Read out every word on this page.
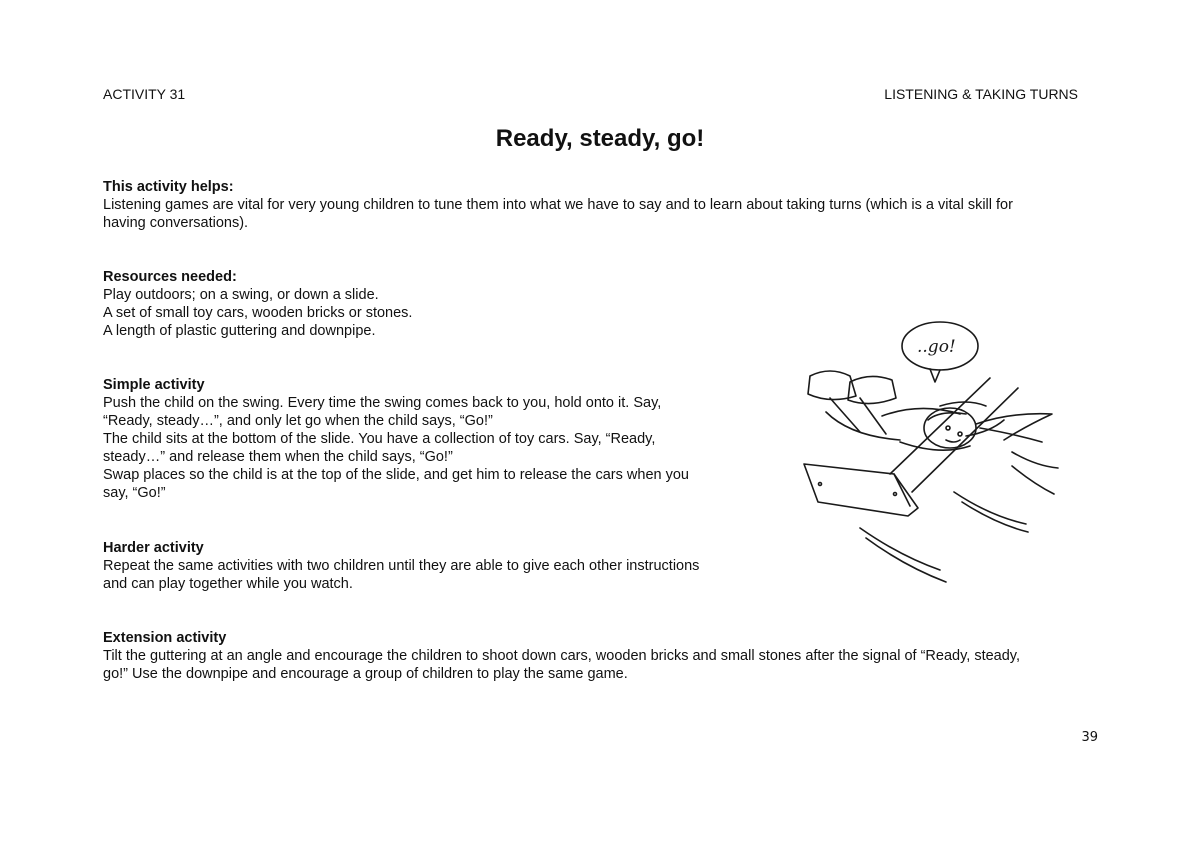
ACTIVITY 31	LISTENING & TAKING TURNS
Ready, steady, go!
This activity helps:

Listening games are vital for very young children to tune them into what we have to say and to learn about taking turns (which is a vital skill for

having conversations).

Resources needed:

Play outdoors; on a swing, or down a slide.

A set of small toy cars, wooden bricks or stones.

A length of plastic guttering and downpipe.

Simple activity

Push the child on the swing. Every time the swing comes back to you, hold onto it. Say,

“Ready, steady…”, and only let go when the child says, “Go!”

The child sits at the bottom of the slide. You have a collection of toy cars. Say, “Ready,

steady…” and release them when the child says, “Go!”

Swap places so the child is at the top of the slide, and get him to release the cars when you

say, “Go!”

Harder activity

Repeat the same activities with two children until they are able to give each other instructions

and can play together while you watch.

Extension activity

Tilt the guttering at an angle and encourage the children to shoot down cars, wooden bricks and small stones after the signal of “Ready, steady,

go!” Use the downpipe and encourage a group of children to play the same game.

..go!
39
